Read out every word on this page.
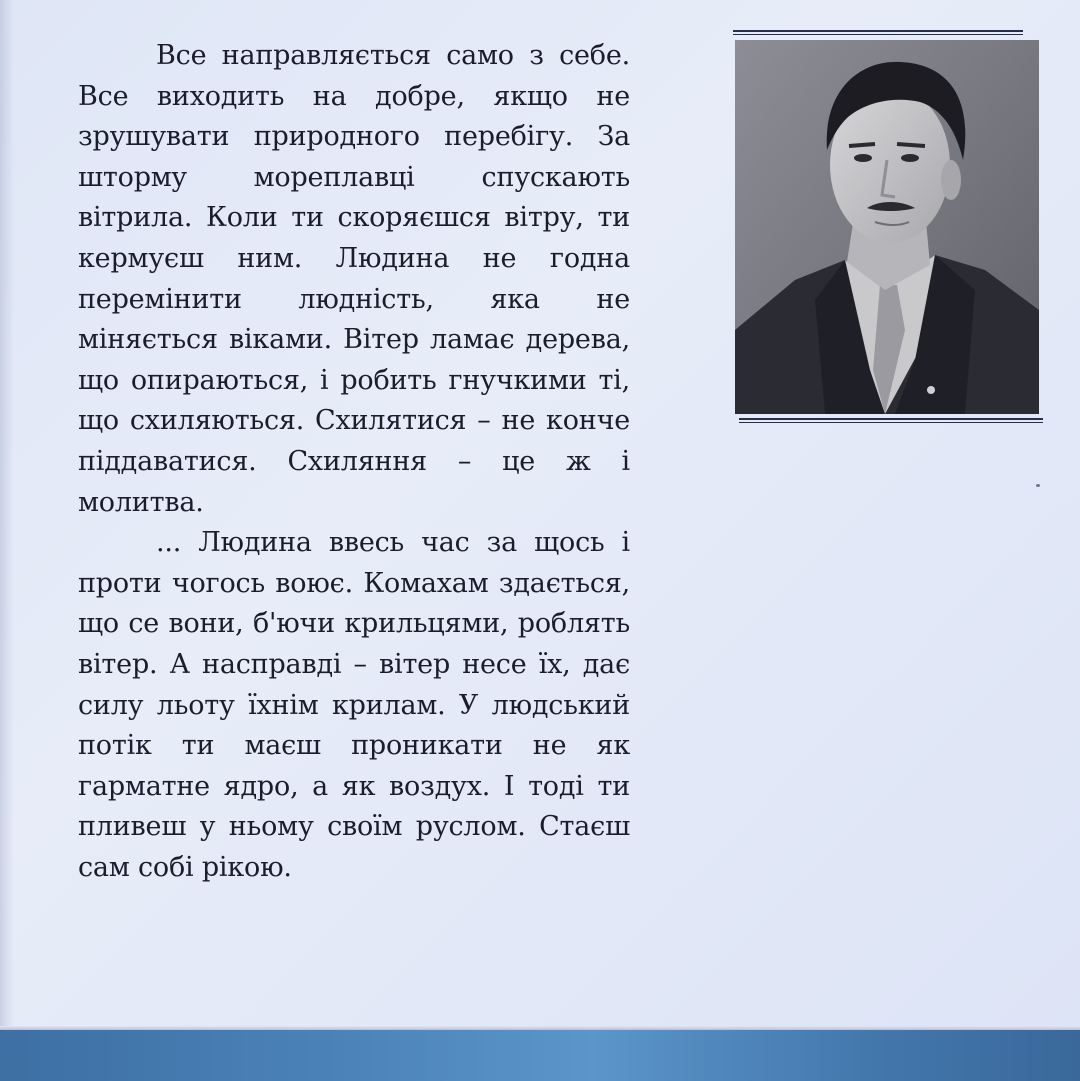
Все направляється само з себе. Все виходить на добре, якщо не зрушувати природного перебігу. За штормy мореплавці спускають вітрила. Коли ти скоряєшся вітру, ти кермуєш ним. Людина не годна перемінити людність, яка не міняється віками. Вітер ламає дерева, що опираються, і робить гнучкими ті, що схиляються. Схилятися – не конче піддаватися. Схиляння – це ж і молитва.

... Людина ввесь час за щось і проти чогось воює. Комахам здається, що се вони, б'ючи крильцями, роблять вітер. А насправді – вітер несе їх, дає силу льоту їхнім крилам. У людський потік ти маєш проникати не як гарматне ядро, а як воздух. І тоді ти пливеш у ньому своїм руслом. Стаєш сам собі рікою.
